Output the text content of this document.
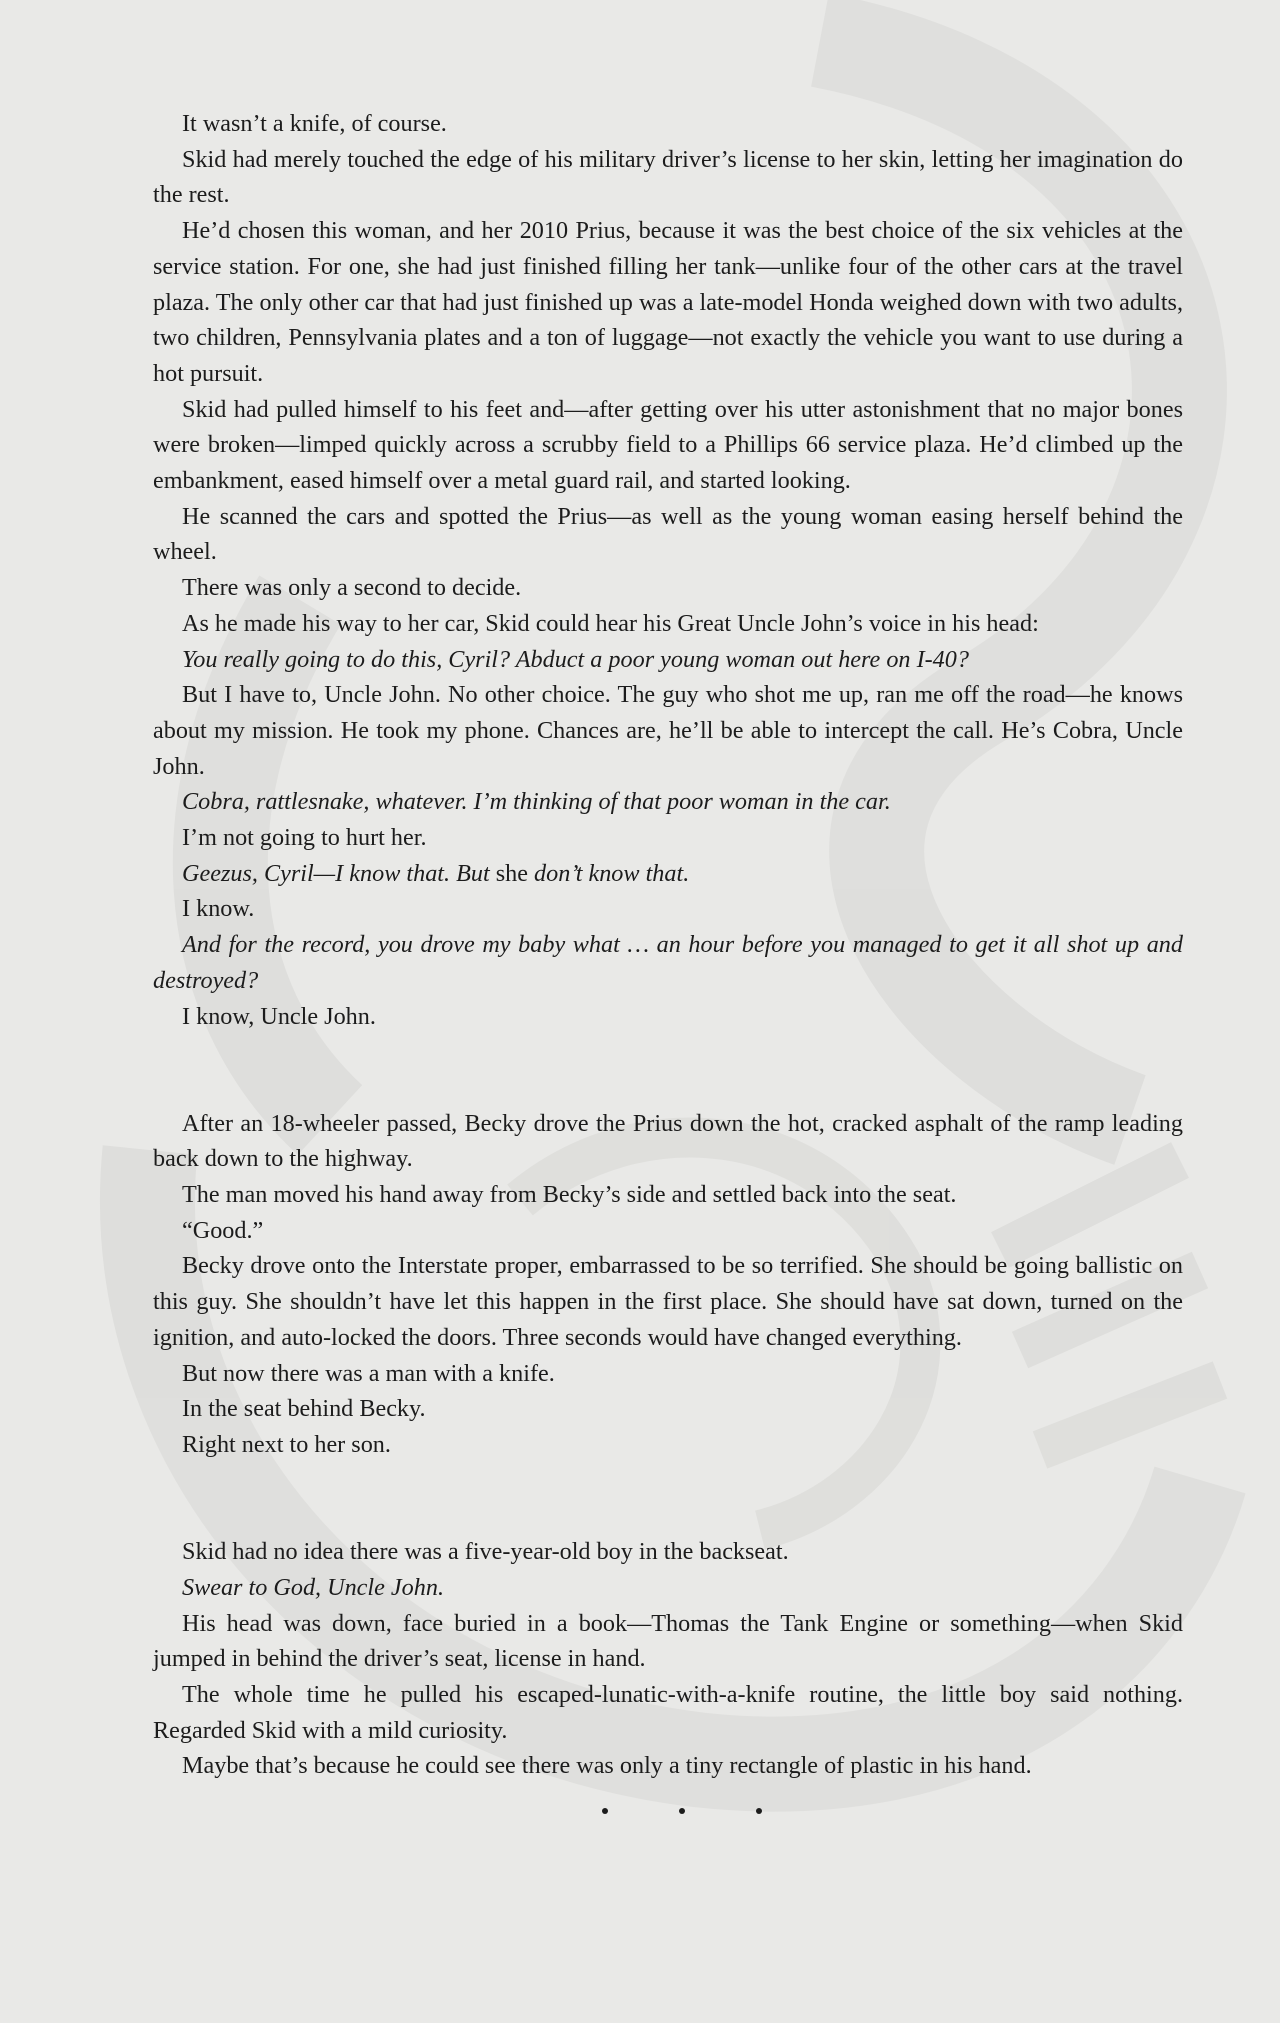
It wasn’t a knife, of course.

Skid had merely touched the edge of his military driver’s license to her skin, letting her imagination do the rest.

He’d chosen this woman, and her 2010 Prius, because it was the best choice of the six vehicles at the service station. For one, she had just finished filling her tank—unlike four of the other cars at the travel plaza. The only other car that had just finished up was a late-model Honda weighed down with two adults, two children, Pennsylvania plates and a ton of luggage—not exactly the vehicle you want to use during a hot pursuit.

Skid had pulled himself to his feet and—after getting over his utter astonishment that no major bones were broken—limped quickly across a scrubby field to a Phillips 66 service plaza. He’d climbed up the embankment, eased himself over a metal guard rail, and started looking.

He scanned the cars and spotted the Prius—as well as the young woman easing herself behind the wheel.

There was only a second to decide.

As he made his way to her car, Skid could hear his Great Uncle John’s voice in his head:

You really going to do this, Cyril? Abduct a poor young woman out here on I-40?

But I have to, Uncle John. No other choice. The guy who shot me up, ran me off the road—he knows about my mission. He took my phone. Chances are, he’ll be able to intercept the call. He’s Cobra, Uncle John.

Cobra, rattlesnake, whatever. I’m thinking of that poor woman in the car.

I’m not going to hurt her.

Geezus, Cyril—I know that. But she don’t know that.

I know.

And for the record, you drove my baby what … an hour before you managed to get it all shot up and destroyed?

I know, Uncle John.

After an 18-wheeler passed, Becky drove the Prius down the hot, cracked asphalt of the ramp leading back down to the highway.

The man moved his hand away from Becky’s side and settled back into the seat.

“Good.”

Becky drove onto the Interstate proper, embarrassed to be so terrified. She should be going ballistic on this guy. She shouldn’t have let this happen in the first place. She should have sat down, turned on the ignition, and auto-locked the doors. Three seconds would have changed everything.

But now there was a man with a knife.

In the seat behind Becky.

Right next to her son.

Skid had no idea there was a five-year-old boy in the backseat.

Swear to God, Uncle John.

His head was down, face buried in a book—Thomas the Tank Engine or something—when Skid jumped in behind the driver’s seat, license in hand.

The whole time he pulled his escaped-lunatic-with-a-knife routine, the little boy said nothing. Regarded Skid with a mild curiosity.

Maybe that’s because he could see there was only a tiny rectangle of plastic in his hand.
